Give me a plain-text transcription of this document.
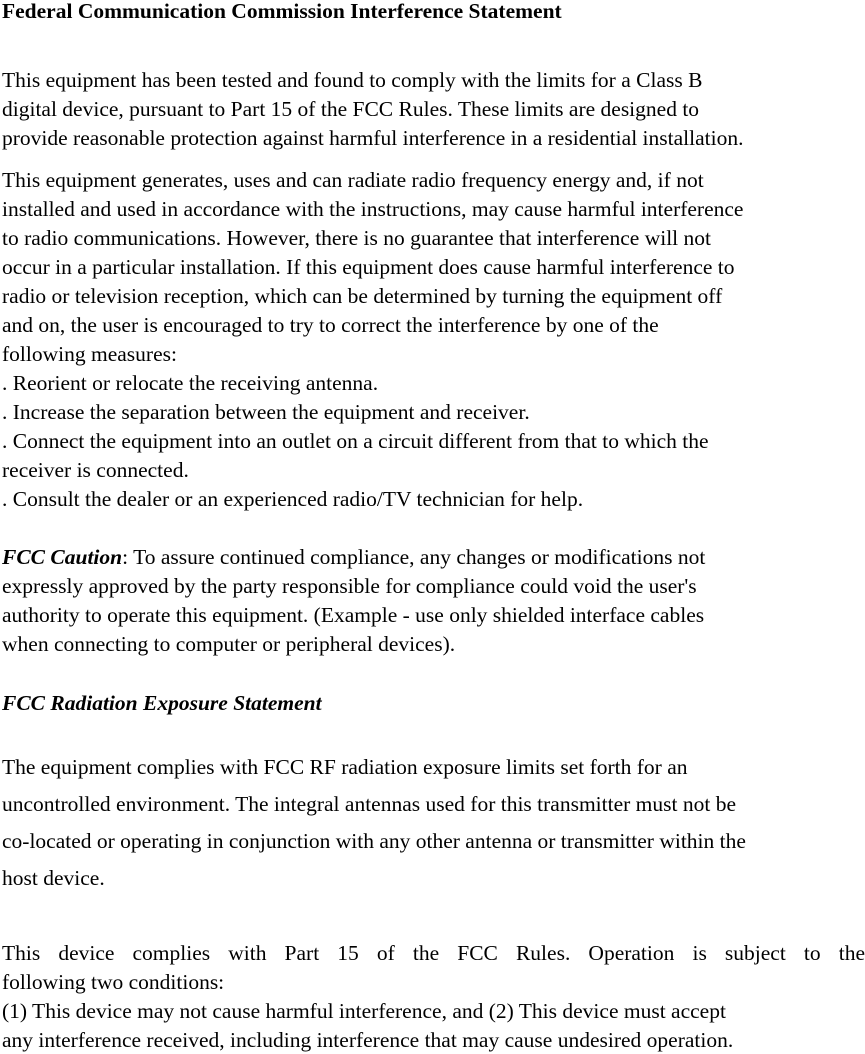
Federal Communication Commission Interference Statement
This equipment has been tested and found to comply with the limits for a Class B
digital device, pursuant to Part 15 of the FCC Rules. These limits are designed to
provide reasonable protection against harmful interference in a residential installation.
This equipment generates, uses and can radiate radio frequency energy and, if not
installed and used in accordance with the instructions, may cause harmful interference
to radio communications. However, there is no guarantee that interference will not
occur in a particular installation. If this equipment does cause harmful interference to
radio or television reception, which can be determined by turning the equipment off
and on, the user is encouraged to try to correct the interference by one of the
following measures:
. Reorient or relocate the receiving antenna.
. Increase the separation between the equipment and receiver.
. Connect the equipment into an outlet on a circuit different from that to which the
receiver is connected.
. Consult the dealer or an experienced radio/TV technician for help.
FCC Caution: To assure continued compliance, any changes or modifications not
expressly approved by the party responsible for compliance could void the user's
authority to operate this equipment. (Example - use only shielded interface cables
when connecting to computer or peripheral devices).
FCC Radiation Exposure Statement
The equipment complies with FCC RF radiation exposure limits set forth for an
uncontrolled environment. The integral antennas used for this transmitter must not be
co-located or operating in conjunction with any other antenna or transmitter within the
host device.
This device complies with Part 15 of the FCC Rules. Operation is subject to the
following two conditions:
(1) This device may not cause harmful interference, and (2) This device must accept
any interference received, including interference that may cause undesired operation.
